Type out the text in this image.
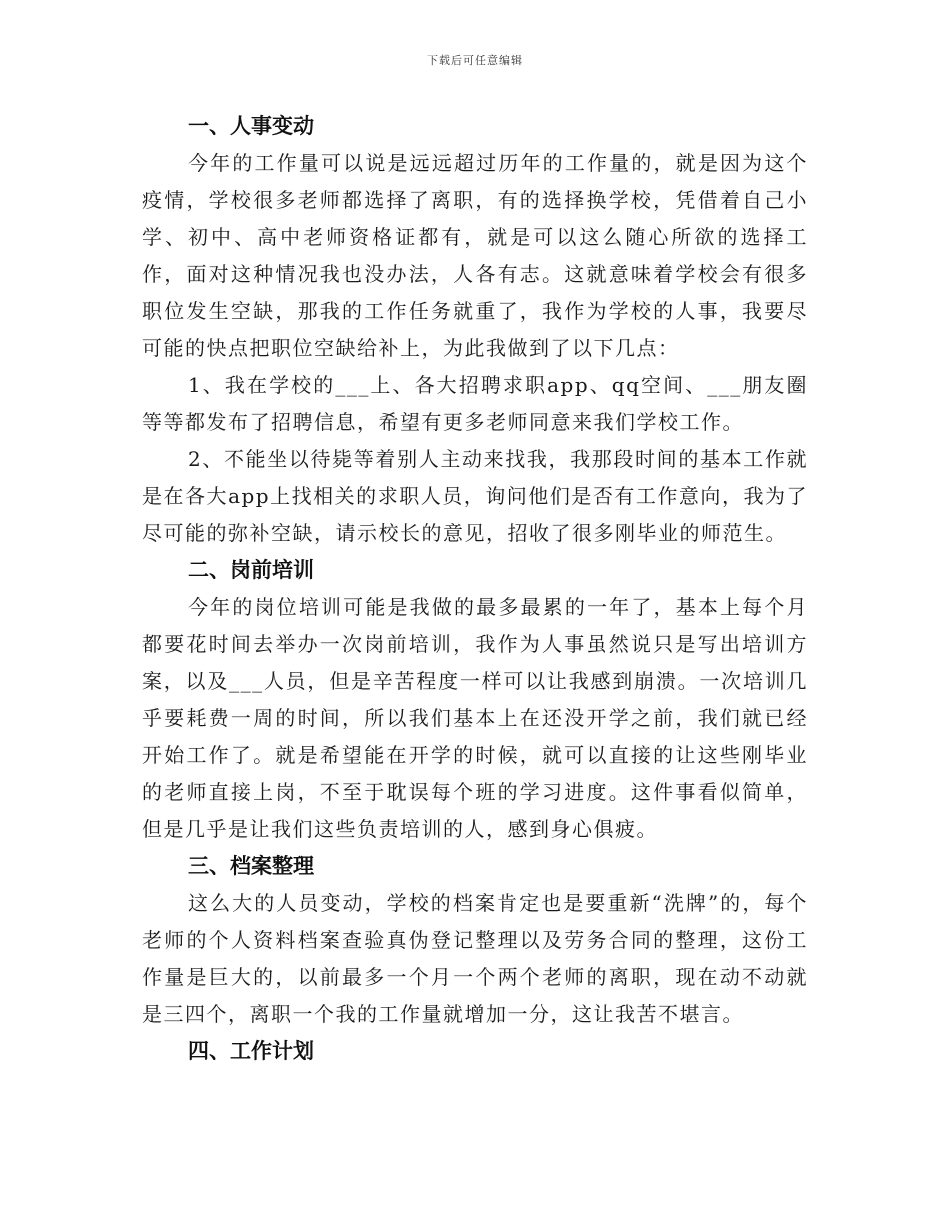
下载后可任意编辑
一、人事变动

今年的工作量可以说是远远超过历年的工作量的，就是因为这个疫情，学校很多老师都选择了离职，有的选择换学校，凭借着自己小学、初中、高中老师资格证都有，就是可以这么随心所欲的选择工作，面对这种情况我也没办法，人各有志。这就意味着学校会有很多职位发生空缺，那我的工作任务就重了，我作为学校的人事，我要尽可能的快点把职位空缺给补上，为此我做到了以下几点：

1、我在学校的___上、各大招聘求职app、qq空间、___朋友圈等等都发布了招聘信息，希望有更多老师同意来我们学校工作。

2、不能坐以待毙等着别人主动来找我，我那段时间的基本工作就是在各大app上找相关的求职人员，询问他们是否有工作意向，我为了尽可能的弥补空缺，请示校长的意见，招收了很多刚毕业的师范生。

二、岗前培训

今年的岗位培训可能是我做的最多最累的一年了，基本上每个月都要花时间去举办一次岗前培训，我作为人事虽然说只是写出培训方案，以及___人员，但是辛苦程度一样可以让我感到崩溃。一次培训几乎要耗费一周的时间，所以我们基本上在还没开学之前，我们就已经开始工作了。就是希望能在开学的时候，就可以直接的让这些刚毕业的老师直接上岗，不至于耽误每个班的学习进度。这件事看似简单，但是几乎是让我们这些负责培训的人，感到身心俱疲。

三、档案整理

这么大的人员变动，学校的档案肯定也是要重新“洗牌”的，每个老师的个人资料档案查验真伪登记整理以及劳务合同的整理，这份工作量是巨大的，以前最多一个月一个两个老师的离职，现在动不动就是三四个，离职一个我的工作量就增加一分，这让我苦不堪言。

四、工作计划
